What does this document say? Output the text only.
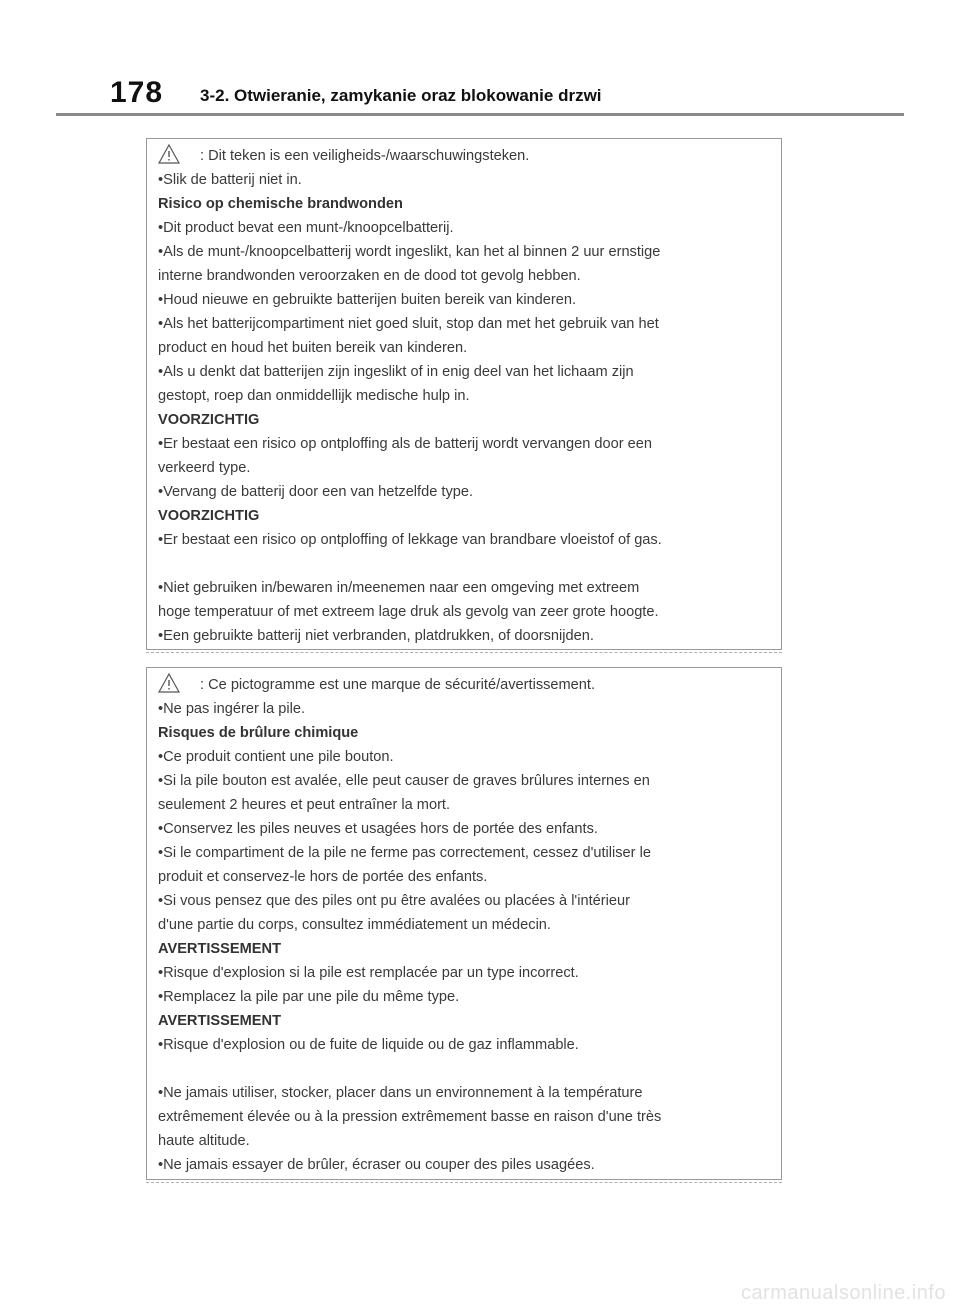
178 3-2. Otwieranie, zamykanie oraz blokowanie drzwi
: Dit teken is een veiligheids-/waarschuwingsteken.
•Slik de batterij niet in.
Risico op chemische brandwonden
•Dit product bevat een munt-/knoopcelbatterij.
•Als de munt-/knoopcelbatterij wordt ingeslikt, kan het al binnen 2 uur ernstige
interne brandwonden veroorzaken en de dood tot gevolg hebben.
•Houd nieuwe en gebruikte batterijen buiten bereik van kinderen.
•Als het batterijcompartiment niet goed sluit, stop dan met het gebruik van het
product en houd het buiten bereik van kinderen.
•Als u denkt dat batterijen zijn ingeslikt of in enig deel van het lichaam zijn
gestopt, roep dan onmiddellijk medische hulp in.
VOORZICHTIG
•Er bestaat een risico op ontploffing als de batterij wordt vervangen door een
verkeerd type.
•Vervang de batterij door een van hetzelfde type.
VOORZICHTIG
•Er bestaat een risico op ontploffing of lekkage van brandbare vloeistof of gas.
•Niet gebruiken in/bewaren in/meenemen naar een omgeving met extreem
hoge temperatuur of met extreem lage druk als gevolg van zeer grote hoogte.
•Een gebruikte batterij niet verbranden, platdrukken, of doorsnijden.
: Ce pictogramme est une marque de sécurité/avertissement.
•Ne pas ingérer la pile.
Risques de brûlure chimique
•Ce produit contient une pile bouton.
•Si la pile bouton est avalée, elle peut causer de graves brûlures internes en
seulement 2 heures et peut entraîner la mort.
•Conservez les piles neuves et usagées hors de portée des enfants.
•Si le compartiment de la pile ne ferme pas correctement, cessez d'utiliser le
produit et conservez-le hors de portée des enfants.
•Si vous pensez que des piles ont pu être avalées ou placées à l'intérieur
d'une partie du corps, consultez immédiatement un médecin.
AVERTISSEMENT
•Risque d'explosion si la pile est remplacée par un type incorrect.
•Remplacez la pile par une pile du même type.
AVERTISSEMENT
•Risque d'explosion ou de fuite de liquide ou de gaz inflammable.
•Ne jamais utiliser, stocker, placer dans un environnement à la température
extrêmement élevée ou à la pression extrêmement basse en raison d'une très
haute altitude.
•Ne jamais essayer de brûler, écraser ou couper des piles usagées.
carmanualsonline.info
